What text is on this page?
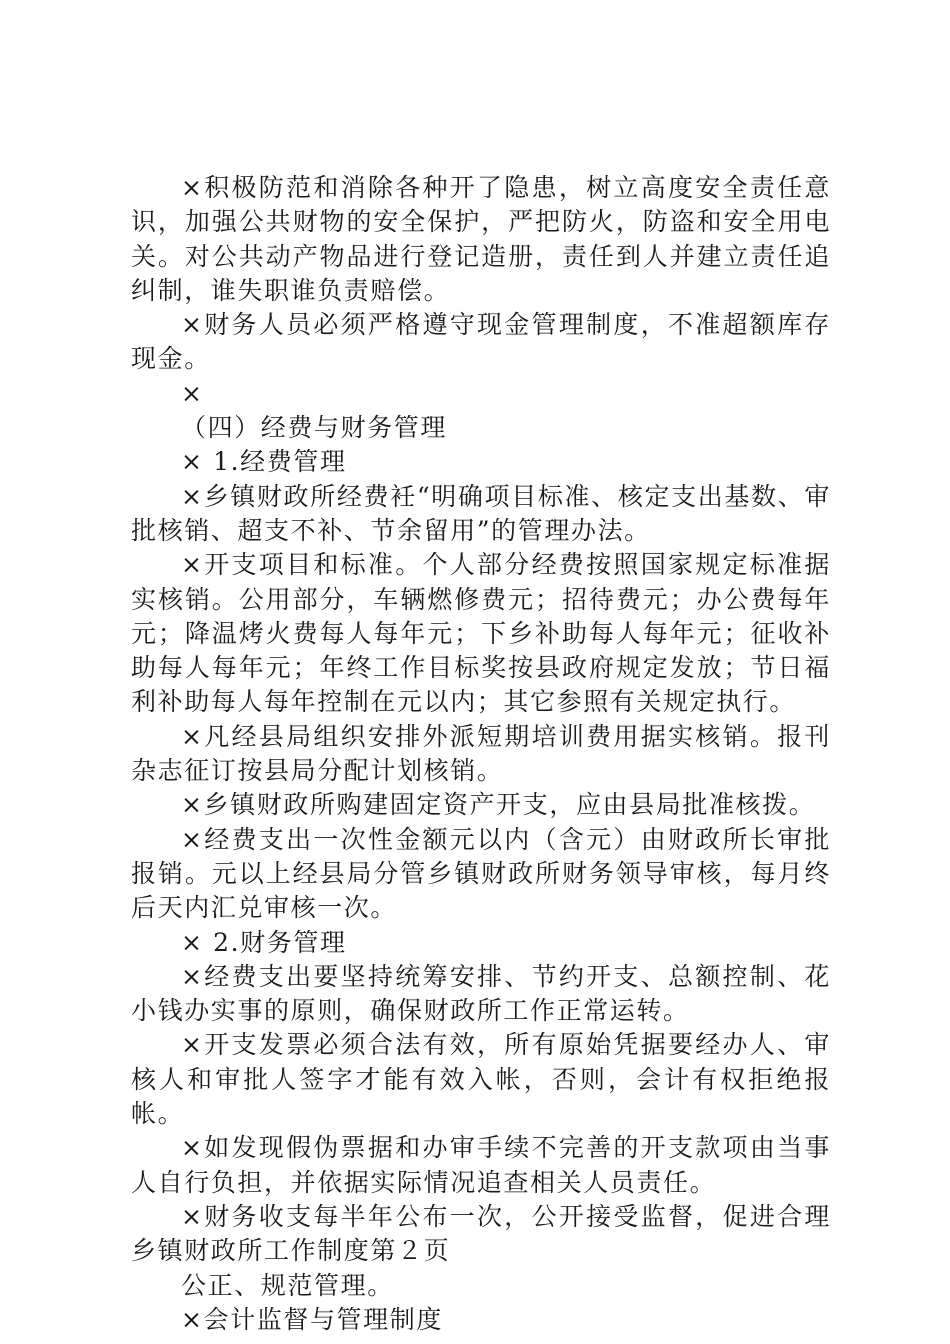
×积极防范和消除各种开了隐患，树立高度安全责任意识，加强公共财物的安全保护，严把防火，防盗和安全用电关。对公共动产物品进行登记造册，责任到人并建立责任追纠制，谁失职谁负责赔偿。

×财务人员必须严格遵守现金管理制度，不准超额库存现金。

×

（四）经费与财务管理

× 1.经费管理

×乡镇财政所经费衽“明确项目标准、核定支出基数、审批核销、超支不补、节余留用”的管理办法。

×开支项目和标准。个人部分经费按照国家规定标准据实核销。公用部分，车辆燃修费元；招待费元；办公费每年元；降温烤火费每人每年元；下乡补助每人每年元；征收补助每人每年元；年终工作目标奖按县政府规定发放；节日福利补助每人每年控制在元以内；其它参照有关规定执行。

×凡经县局组织安排外派短期培训费用据实核销。报刊杂志征订按县局分配计划核销。

×乡镇财政所购建固定资产开支，应由县局批准核拨。

×经费支出一次性金额元以内（含元）由财政所长审批报销。元以上经县局分管乡镇财政所财务领导审核，每月终后天内汇兑审核一次。

× 2.财务管理

×经费支出要坚持统筹安排、节约开支、总额控制、花小钱办实事的原则，确保财政所工作正常运转。

×开支发票必须合法有效，所有原始凭据要经办人、审核人和审批人签字才能有效入帐，否则，会计有权拒绝报帐。

×如发现假伪票据和办审手续不完善的开支款项由当事人自行负担，并依据实际情况追查相关人员责任。

×财务收支每半年公布一次，公开接受监督，促进合理乡镇财政所工作制度第２页

公正、规范管理。

×会计监督与管理制度
